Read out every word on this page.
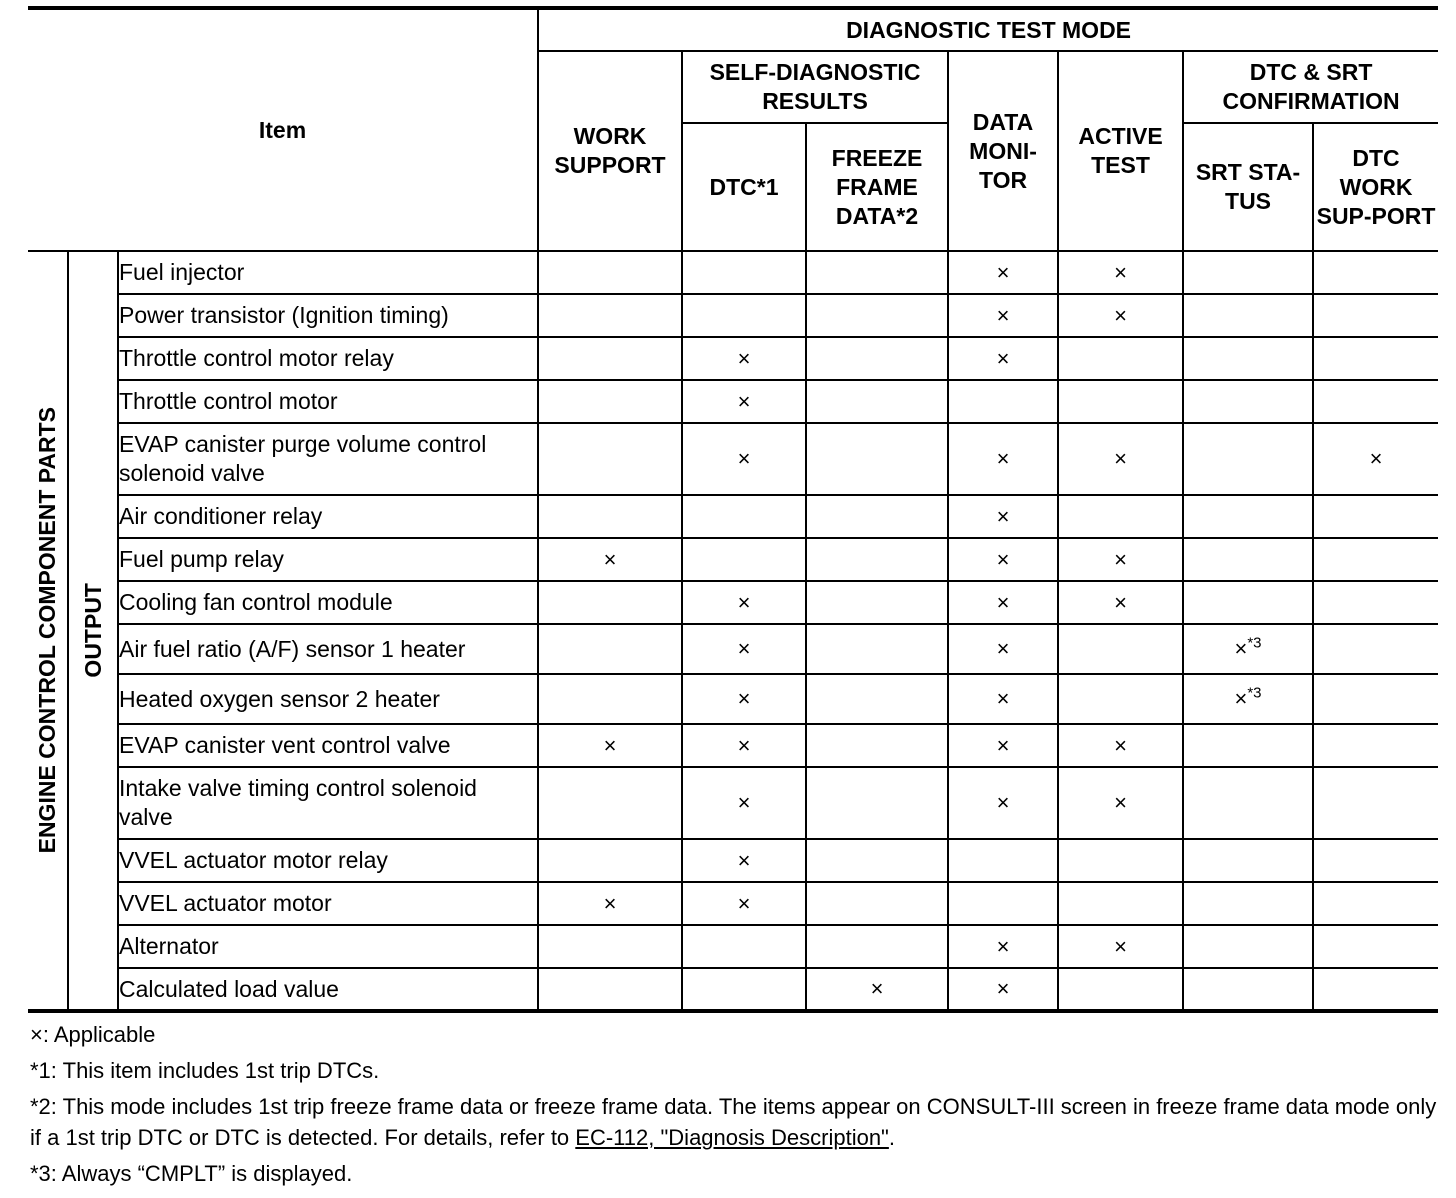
Item			DIAGNOSTIC TEST MODE						
			WORK SUPPORT	SELF-DIAGNOSTIC RESULTS		DATA MONI-TOR	ACTIVE TEST	DTC & SRT CONFIRMATION	
				DTC*1	FREEZE FRAME DATA*2			SRT STA-TUS	DTC WORK SUP-PORT

ENGINE CONTROL COMPONENT PARTS	OUTPUT	Fuel injector				×	×		
		Power transistor (Ignition timing)				×	×		
		Throttle control motor relay		×		×			
		Throttle control motor		×					
		EVAP canister purge volume control solenoid valve		×		×	×		×
		Air conditioner relay				×			
		Fuel pump relay	×			×	×		
		Cooling fan control module		×		×	×		
		Air fuel ratio (A/F) sensor 1 heater		×		×		×$^{*3}$	
		Heated oxygen sensor 2 heater		×		×		×$^{*3}$	
		EVAP canister vent control valve	×	×		×	×		
		Intake valve timing control solenoid valve		×		×	×		
		VVEL actuator motor relay		×					
		VVEL actuator motor	×	×					
		Alternator				×	×		
		Calculated load value			×	×			

×: Applicable

*1: This item includes 1st trip DTCs.

*2: This mode includes 1st trip freeze frame data or freeze frame data. The items appear on CONSULT-III screen in freeze frame data mode only if a 1st trip DTC or DTC is detected. For details, refer to EC-112, "Diagnosis Description".

*3: Always “CMPLT” is displayed.
